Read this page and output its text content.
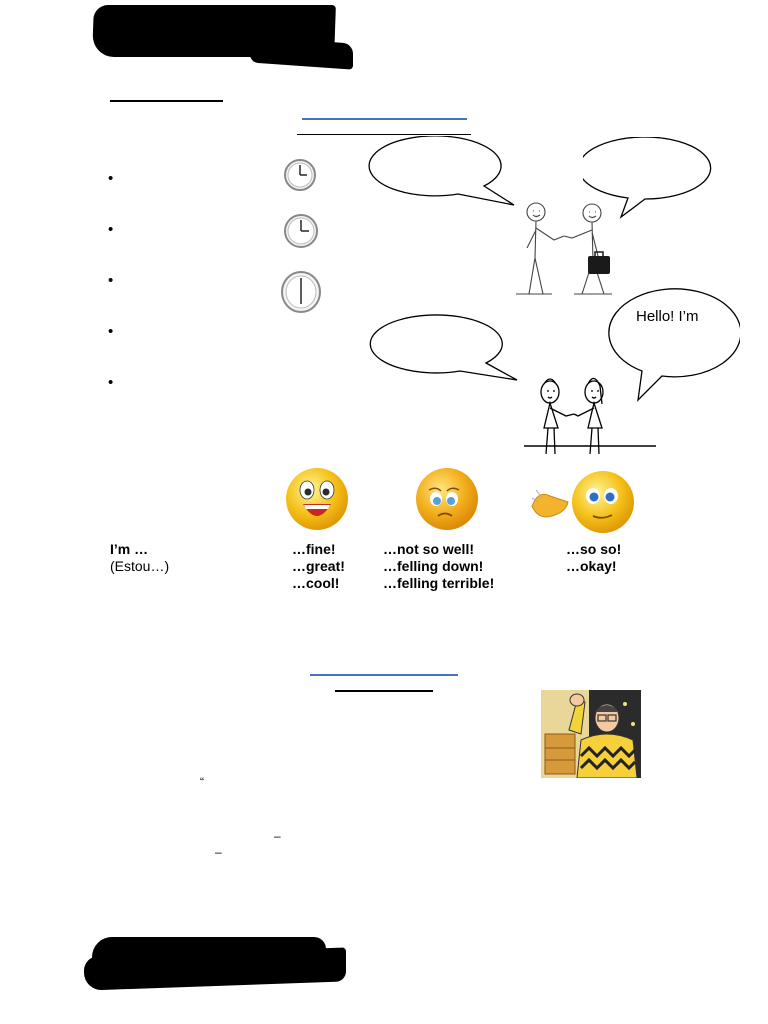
•
•
•
•
•
Hello! I’m
I’m …
(Estou…)
…fine!
…great!
…cool!
…not so well!
…felling down!
…felling terrible!
…so so!
…okay!
“
–
–
